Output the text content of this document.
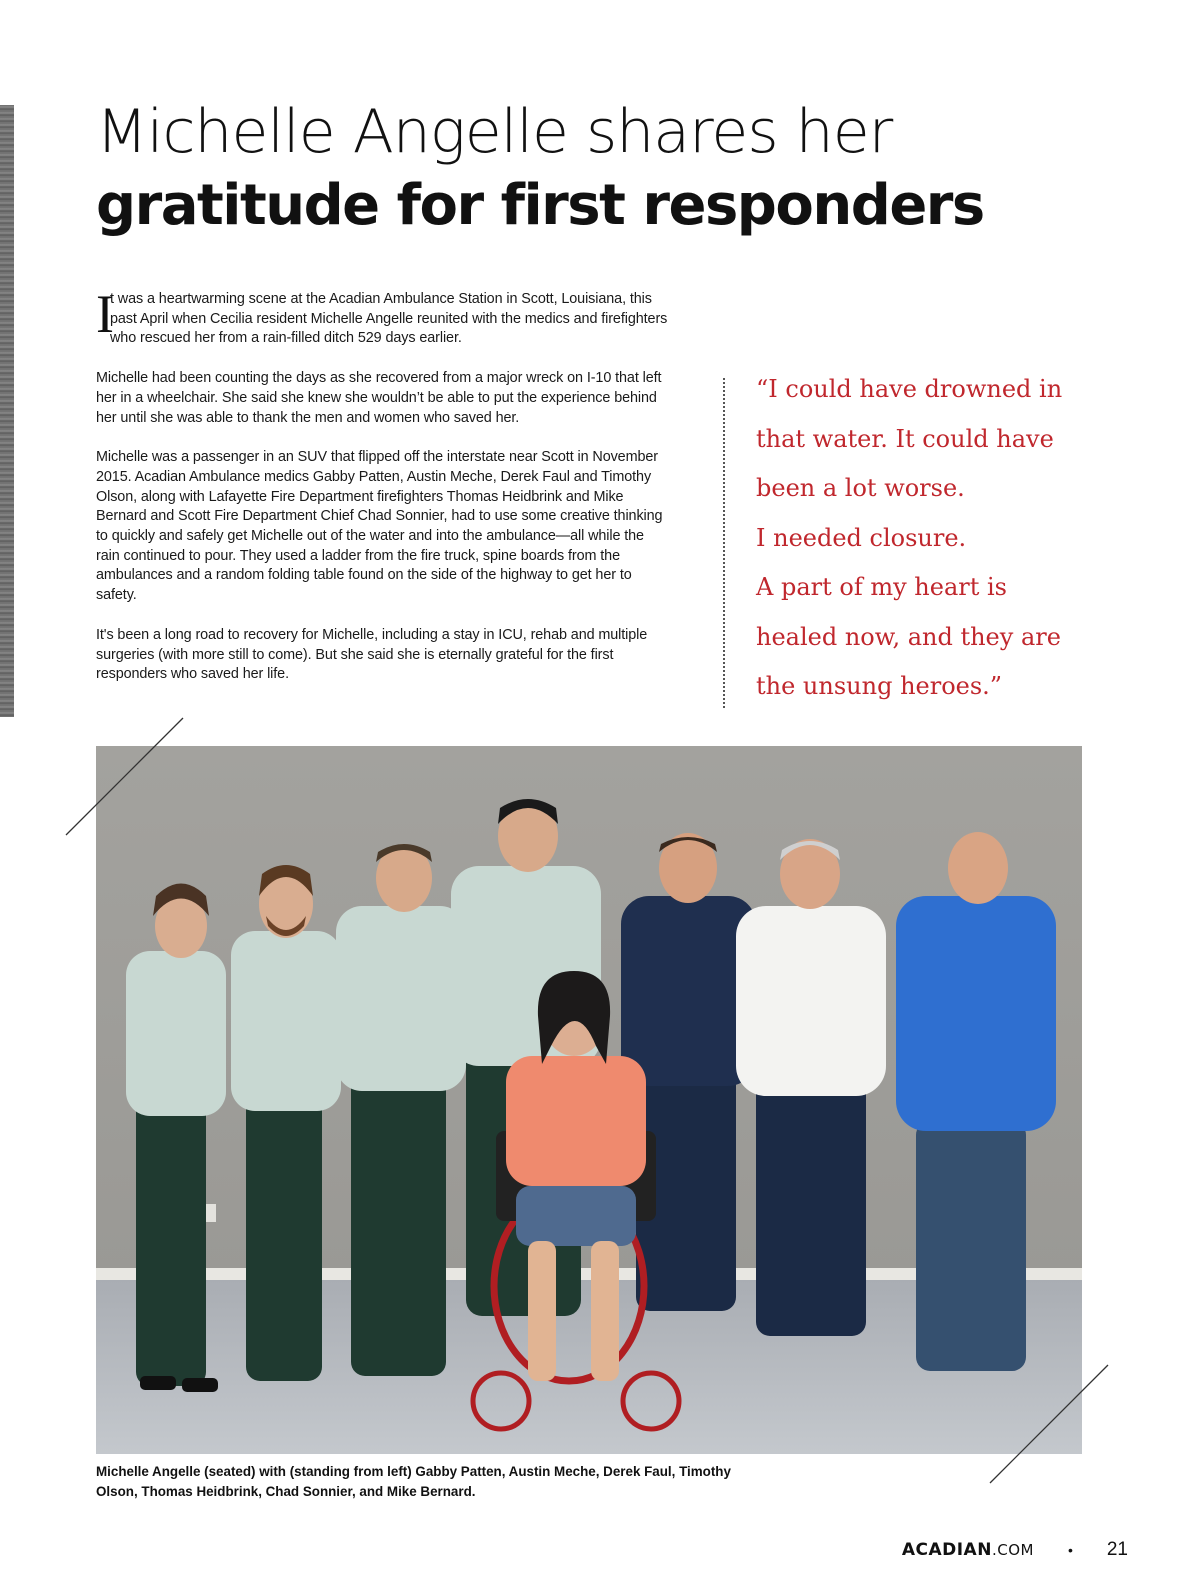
Michelle Angelle shares her
gratitude for first responders

I
t was a heartwarming scene at the Acadian Ambulance Station in Scott, Louisiana, this past April when Cecilia resident Michelle Angelle reunited with the medics and firefighters who rescued her from a rain-filled ditch 529 days earlier.

Michelle had been counting the days as she recovered from a major wreck on I-10 that left her in a wheelchair. She said she knew she wouldn’t be able to put the experience behind her until she was able to thank the men and women who saved her.

Michelle was a passenger in an SUV that flipped off the interstate near Scott in November 2015. Acadian Ambulance medics Gabby Patten, Austin Meche, Derek Faul and Timothy Olson, along with Lafayette Fire Department firefighters Thomas Heidbrink and Mike Bernard and Scott Fire Department Chief Chad Sonnier, had to use some creative thinking to quickly and safely get Michelle out of the water and into the ambulance—all while the rain continued to pour. They used a ladder from the fire truck, spine boards from the ambulances and a random folding table found on the side of the highway to get her to safety.

It's been a long road to recovery for Michelle, including a stay in ICU, rehab and multiple surgeries (with more still to come). But she said she is eternally grateful for the first responders who saved her life.

“I could have drowned in
that water. It could have
been a lot worse.
I needed closure.
A part of my heart is
healed now, and they are
the unsung heroes.”
Michelle Angelle (seated) with (standing from left) Gabby Patten, Austin Meche, Derek Faul, Timothy Olson, Thomas Heidbrink, Chad Sonnier, and Mike Bernard.
ACADIAN.COM • 21
